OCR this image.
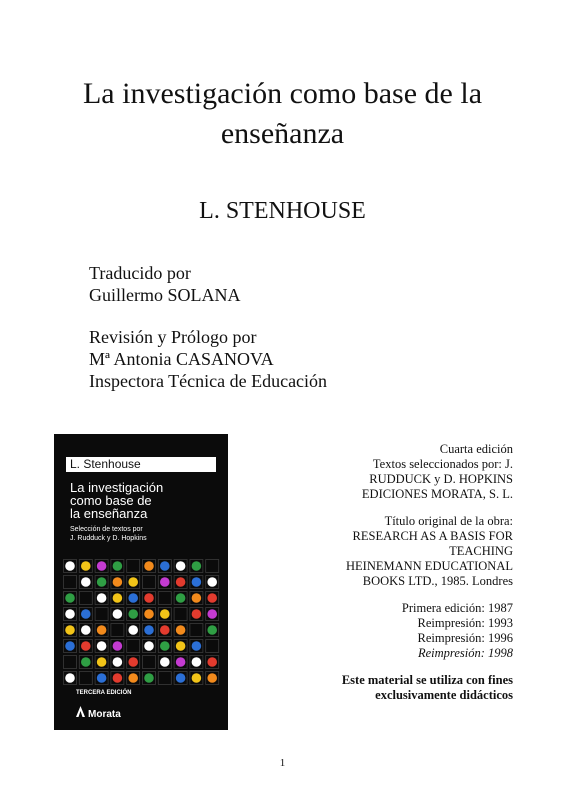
La investigación como base de la
enseñanza
L. STENHOUSE
Traducido por
Guillermo SOLANA
Revisión y Prólogo por
Mª Antonia CASANOVA
Inspectora Técnica de Educación
L. Stenhouse
La investigación
como base de
la enseñanza
Selección de textos por
J. Rudduck y D. Hopkins
TERCERA EDICIÓN
Morata
Cuarta edición
Textos seleccionados por: J.
RUDDUCK y D. HOPKINS
EDICIONES MORATA, S. L.
Título original de la obra:
RESEARCH AS A BASIS FOR
TEACHING
HEINEMANN EDUCATIONAL
BOOKS LTD., 1985. Londres
Primera edición: 1987
Reimpresión: 1993
Reimpresión: 1996
Reimpresión: 1998
Este material se utiliza con fines
exclusivamente didácticos
1
